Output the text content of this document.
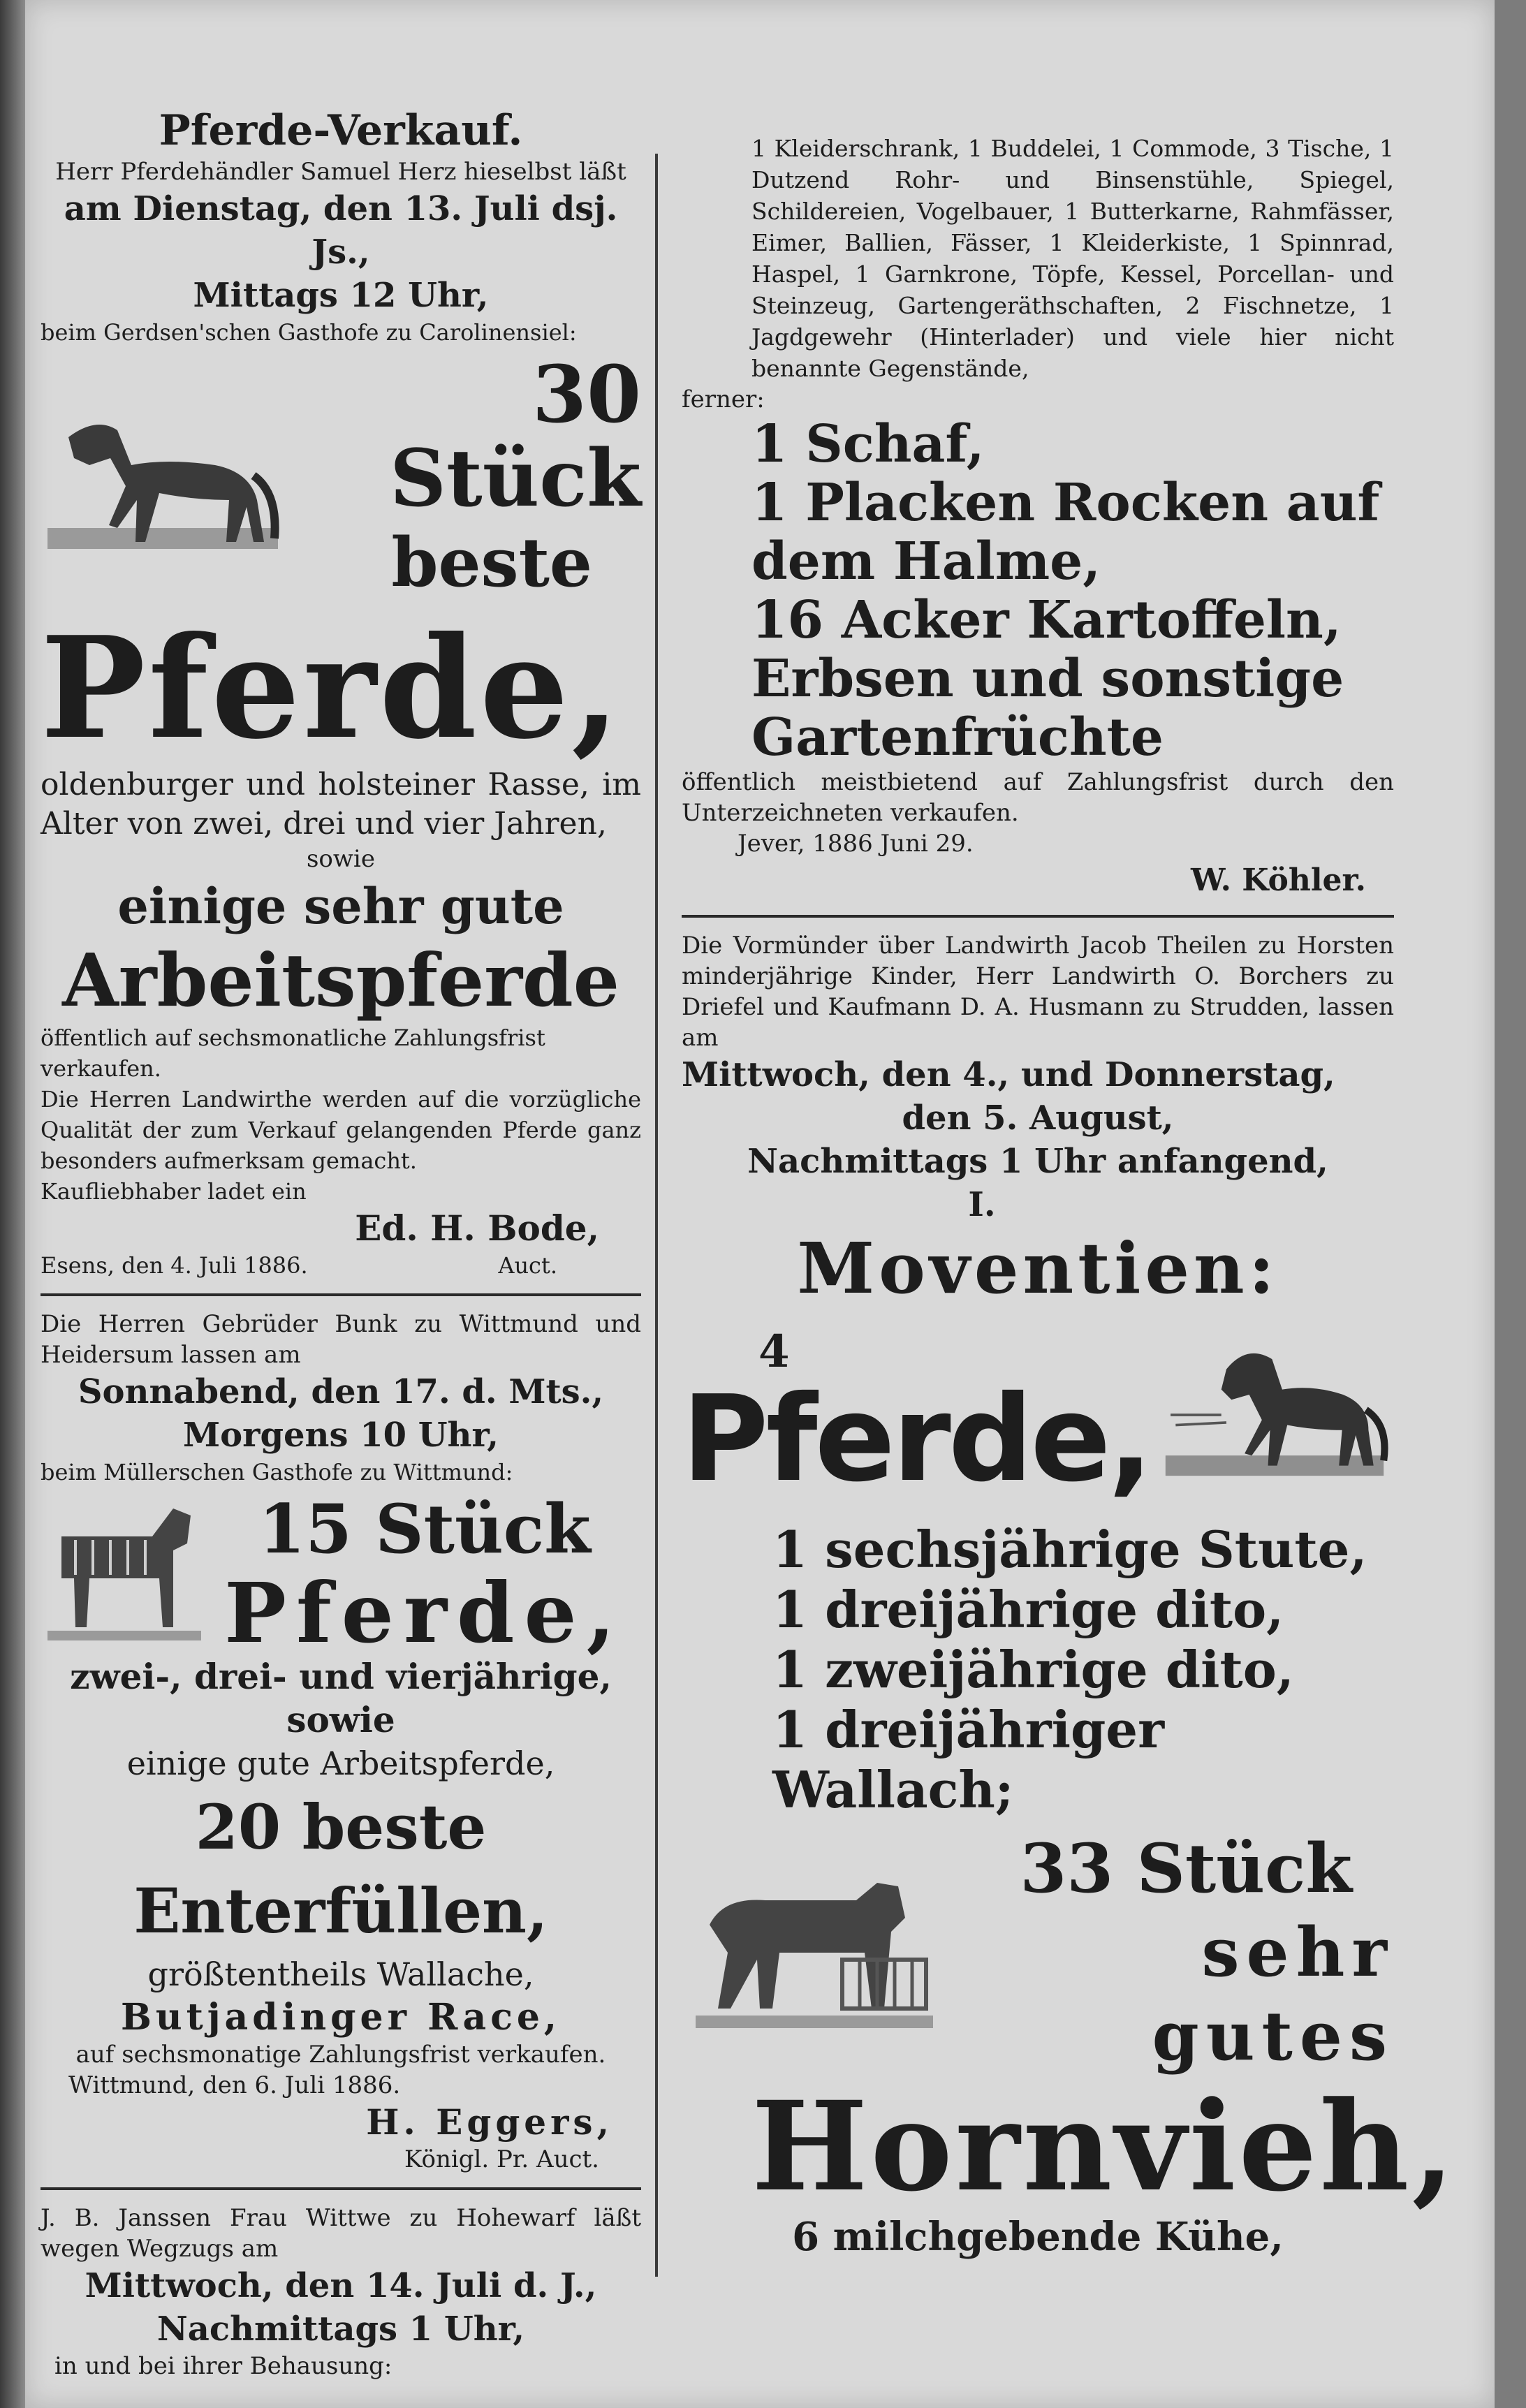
Pferde-Verkauf.

Herr Pferdehändler Samuel Herz hieselbst läßt

am Dienstag, den 13. Juli dsj. Js.,

Mittags 12 Uhr,

beim Gerdsen'schen Gasthofe zu Carolinensiel:

30 Stück

beste

Pferde,

oldenburger und holsteiner Rasse, im Alter von zwei, drei und vier Jahren,

sowie

einige sehr gute

Arbeitspferde

öffentlich auf sechsmonatliche Zahlungsfrist verkaufen.

Die Herren Landwirthe werden auf die vorzügliche Qualität der zum Verkauf gelangenden Pferde ganz besonders aufmerksam gemacht.

Kaufliebhaber ladet ein

Ed. H. Bode,

Esens, den 4. Juli 1886.	Auct.

Die Herren Gebrüder Bunk zu Wittmund und Heidersum lassen am

Sonnabend, den 17. d. Mts.,

Morgens 10 Uhr,

beim Müllerschen Gasthofe zu Wittmund:

15 Stück

Pferde,

zwei-, drei- und vierjährige, sowie

einige gute Arbeitspferde,

20 beste Enterfüllen,

größtentheils Wallache,

Butjadinger Race,

auf sechsmonatige Zahlungsfrist verkaufen.

Wittmund, den 6. Juli 1886.

H. Eggers,

Königl. Pr. Auct.

J. B. Janssen Frau Wittwe zu Hohewarf läßt wegen Wegzugs am

Mittwoch, den 14. Juli d. J.,

Nachmittags 1 Uhr,

in und bei ihrer Behausung:

1 Kleiderschrank, 1 Buddelei, 1 Commode, 3 Tische, 1 Dutzend Rohr- und Binsenstühle, Spiegel, Schildereien, Vogelbauer, 1 Butterkarne, Rahmfässer, Eimer, Ballien, Fässer, 1 Kleiderkiste, 1 Spinnrad, Haspel, 1 Garnkrone, Töpfe, Kessel, Porcellan- und Steinzeug, Gartengeräthschaften, 2 Fischnetze, 1 Jagdgewehr (Hinterlader) und viele hier nicht benannte Gegenstände,

ferner:

1 Schaf,

1 Placken Rocken auf dem Halme,

16 Acker Kartoffeln,

Erbsen und sonstige Gartenfrüchte

öffentlich meistbietend auf Zahlungsfrist durch den Unterzeichneten verkaufen.

Jever, 1886 Juni 29.

W. Köhler.

Die Vormünder über Landwirth Jacob Theilen zu Horsten minderjährige Kinder, Herr Landwirth O. Borchers zu Driefel und Kaufmann D. A. Husmann zu Strudden, lassen am

Mittwoch, den 4., und Donnerstag,

den 5. August,

Nachmittags 1 Uhr anfangend,

I.

Moventien:

4

Pferde,

1 sechsjährige Stute,

1 dreijährige dito,

1 zweijährige dito,

1 dreijähriger Wallach;

33 Stück

sehr gutes

Hornvieh,

6 milchgebende Kühe,
